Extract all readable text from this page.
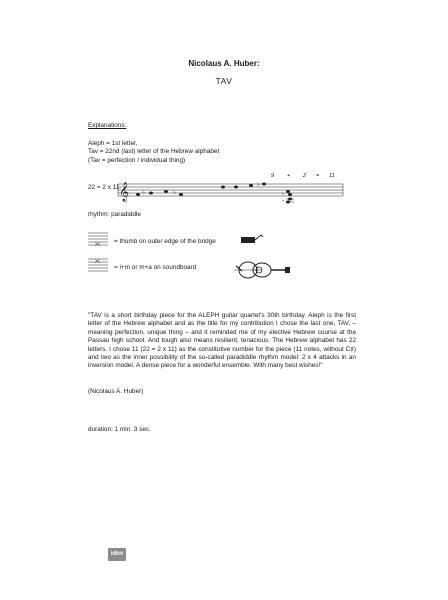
Nicolaus A. Huber:
TAV
Explanations:
Aleph = 1st letter,
Tav = 22nd (last) letter of the Hebrew alphabet
(Tav = perfection / individual thing)
22 = 2 x 11
9 + 2 = 11
𝄞 ♭	♭
♭
♭
♭
rhythm: paradiddle
= thumb on outer edge of the bridge
= i+m or m+a on soundboard
"TAV is a short birthday piece for the ALEPH guitar quartet's 30th birthday. Aleph is the first letter of the Hebrew alphabet and as the title for my contribution I chose the last one, TAV, – meaning perfection, unique thing – and it reminded me of my elective Hebrew course at the Passau high school. And tough also means resilient, tenacious. The Hebrew alphabet has 22 letters. I chose 11 (22 = 2 x 11) as the constitutive number for the piece (11 notes, without C♯) and two as the inner possibility of the so-called paradiddle rhythm model: 2 x 4 attacks in an inversion model. A dense piece for a wonderful ensemble. With many best wishes!"
(Nicolaus A. Huber)
duration: 1 min. 3 sec.
idnv
